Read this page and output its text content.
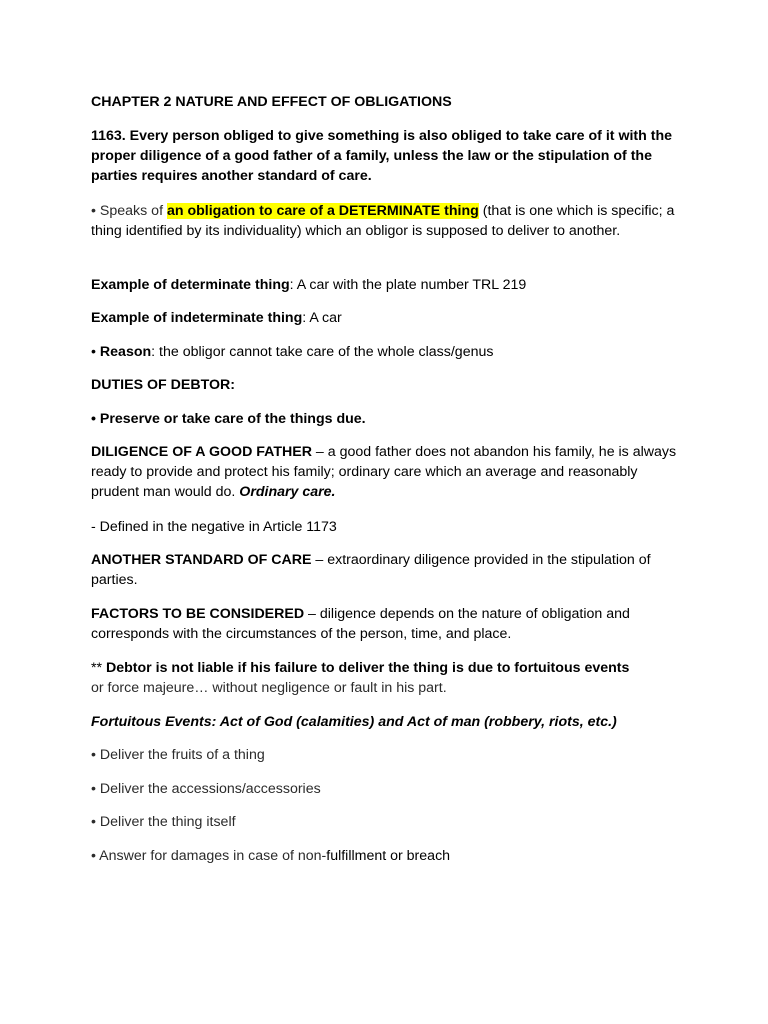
CHAPTER 2 NATURE AND EFFECT OF OBLIGATIONS

1163. Every person obliged to give something is also obliged to take care of it with the proper diligence of a good father of a family, unless the law or the stipulation of the parties requires another standard of care.

• Speaks of an obligation to care of a DETERMINATE thing (that is one which is specific; a thing identified by its individuality) which an obligor is supposed to deliver to another.

Example of determinate thing: A car with the plate number TRL 219

Example of indeterminate thing: A car

• Reason: the obligor cannot take care of the whole class/genus

DUTIES OF DEBTOR:

• Preserve or take care of the things due.

DILIGENCE OF A GOOD FATHER – a good father does not abandon his family, he is always ready to provide and protect his family; ordinary care which an average and reasonably prudent man would do. Ordinary care.

- Defined in the negative in Article 1173

ANOTHER STANDARD OF CARE – extraordinary diligence provided in the stipulation of parties.

FACTORS TO BE CONSIDERED – diligence depends on the nature of obligation and corresponds with the circumstances of the person, time, and place.

** Debtor is not liable if his failure to deliver the thing is due to fortuitous events

or force majeure… without negligence or fault in his part.

Fortuitous Events: Act of God (calamities) and Act of man (robbery, riots, etc.)

• Deliver the fruits of a thing

• Deliver the accessions/accessories

• Deliver the thing itself

• Answer for damages in case of non-fulfillment or breach
